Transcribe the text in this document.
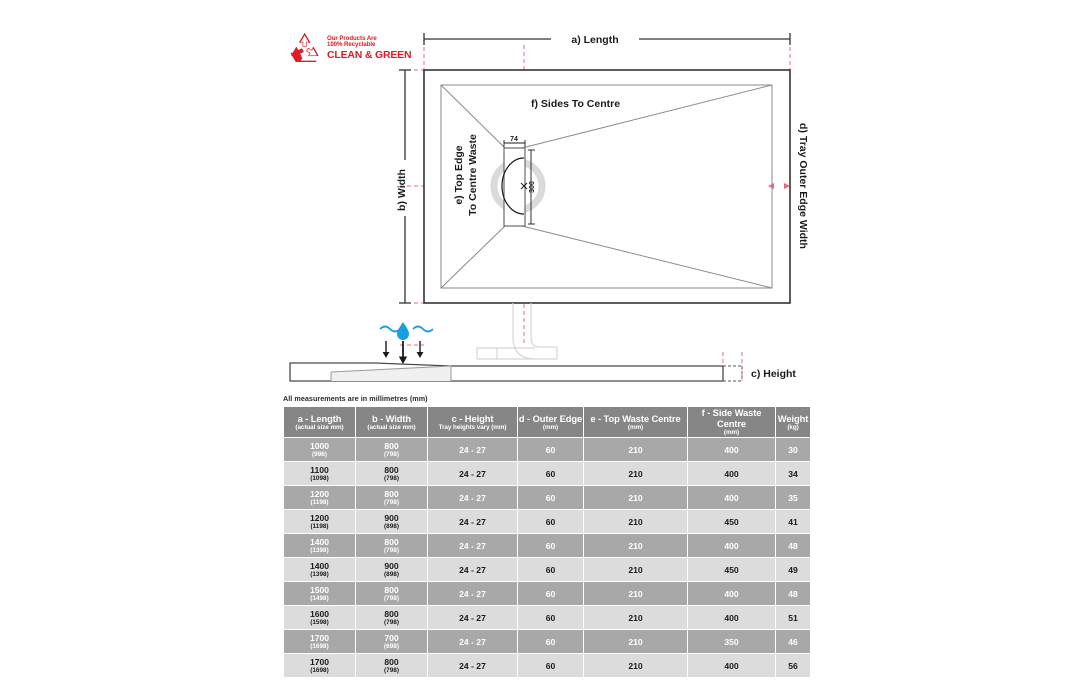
Our Products Are
100% Recyclable
CLEAN & GREEN
a) Length
b) Width
74
300
e) Top Edge To Centre Waste
f) Sides To Centre
d) Tray Outer Edge Width
c) Height
All measurements are in millimetres (mm)
a - Length
(actual size mm)	b - Width
(actual size mm)	c - Height
Tray heights vary (mm)	d - Outer Edge
(mm)	e - Top Waste Centre
(mm)	f - Side Waste Centre
(mm)	Weight
(kg)

1000
(998)	800
(798)	24 - 27	60	210	400	30

1100
(1098)	800
(798)	24 - 27	60	210	400	34

1200
(1198)	800
(798)	24 - 27	60	210	400	35

1200
(1198)	900
(898)	24 - 27	60	210	450	41

1400
(1398)	800
(798)	24 - 27	60	210	400	48

1400
(1398)	900
(898)	24 - 27	60	210	450	49

1500
(1498)	800
(798)	24 - 27	60	210	400	48

1600
(1598)	800
(798)	24 - 27	60	210	400	51

1700
(1698)	700
(698)	24 - 27	60	210	350	46

1700
(1698)	800
(798)	24 - 27	60	210	400	56
